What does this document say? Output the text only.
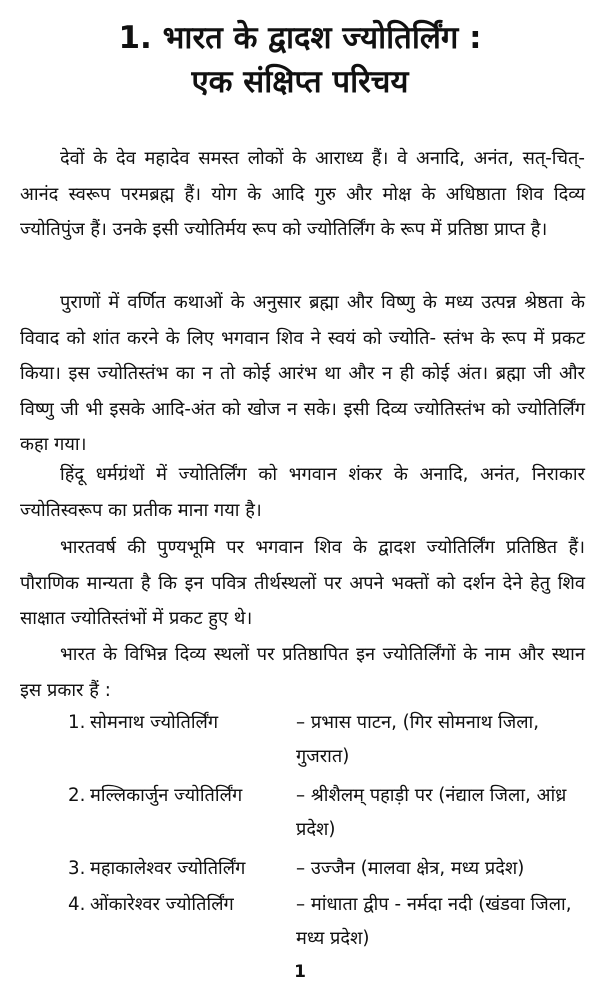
1. भारत के द्वादश ज्योतिर्लिंग :
एक संक्षिप्त परिचय

देवों के देव महादेव समस्त लोकों के आराध्य हैं। वे अनादि, अनंत, सत्-चित्-आनंद स्वरूप परमब्रह्म हैं। योग के आदि गुरु और मोक्ष के अधिष्ठाता शिव दिव्य ज्योतिपुंज हैं। उनके इसी ज्योतिर्मय रूप को ज्योतिर्लिंग के रूप में प्रतिष्ठा प्राप्त है।

पुराणों में वर्णित कथाओं के अनुसार ब्रह्मा और विष्णु के मध्य उत्पन्न श्रेष्ठता के विवाद को शांत करने के लिए भगवान शिव ने स्वयं को ज्योति- स्तंभ के रूप में प्रकट किया। इस ज्योतिस्तंभ का न तो कोई आरंभ था और न ही कोई अंत। ब्रह्मा जी और विष्णु जी भी इसके आदि-अंत को खोज न सके। इसी दिव्य ज्योतिस्तंभ को ज्योतिर्लिंग कहा गया।

हिंदू धर्मग्रंथों में ज्योतिर्लिंग को भगवान शंकर के अनादि, अनंत, निराकार ज्योतिस्वरूप का प्रतीक माना गया है।

भारतवर्ष की पुण्यभूमि पर भगवान शिव के द्वादश ज्योतिर्लिंग प्रतिष्ठित हैं। पौराणिक मान्यता है कि इन पवित्र तीर्थस्थलों पर अपने भक्तों को दर्शन देने हेतु शिव साक्षात ज्योतिस्तंभों में प्रकट हुए थे।

भारत के विभिन्न दिव्य स्थलों पर प्रतिष्ठापित इन ज्योतिर्लिंगों के नाम और स्थान इस प्रकार हैं :

1. सोमनाथ ज्योतिर्लिंग	– प्रभास पाटन, (गिर सोमनाथ जिला, गुजरात)
2. मल्लिकार्जुन ज्योतिर्लिंग	– श्रीशैलम् पहाड़ी पर (नंद्याल जिला, आंध्र प्रदेश)
3. महाकालेश्वर ज्योतिर्लिंग	– उज्जैन (मालवा क्षेत्र, मध्य प्रदेश)
4. ओंकारेश्वर ज्योतिर्लिंग	– मांधाता द्वीप - नर्मदा नदी (खंडवा जिला, मध्य प्रदेश)
1
